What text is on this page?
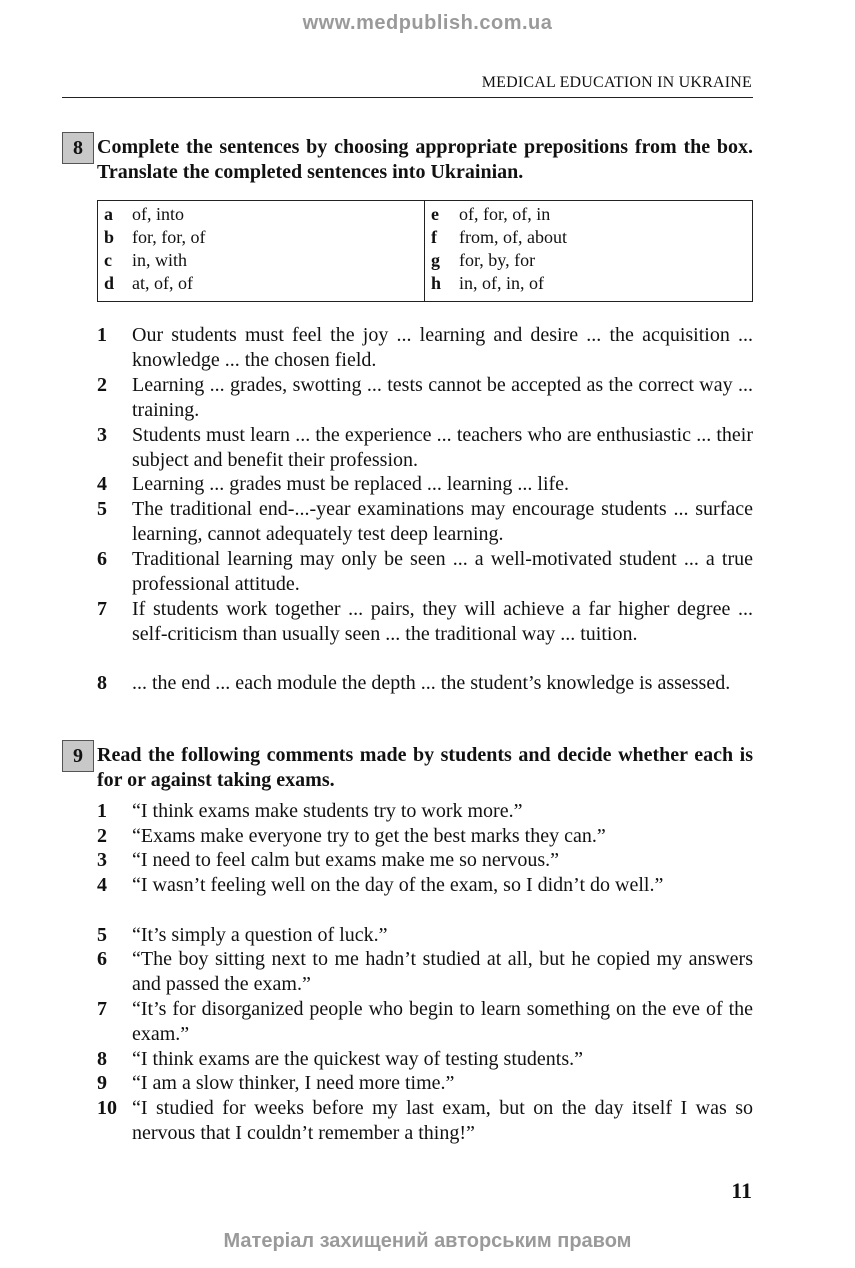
www.medpublish.com.ua
MEDICAL EDUCATION IN UKRAINE
8 Complete the sentences by choosing appropriate prepositions from the box. Translate the completed sentences into Ukrainian.
a of, into
b for, for, of
c in, with
d at, of, of
e of, for, of, in
f from, of, about
g for, by, for
h in, of, in, of
1	Our students must feel the joy ... learning and desire ... the acquisition ... knowledge ... the chosen field.
2	Learning ... grades, swotting ... tests cannot be accepted as the correct way ... training.
3	Students must learn ... the experience ... teachers who are enthusiastic ... their subject and benefit their profession.
4	Learning ... grades must be replaced ... learning ... life.
5	The traditional end-...-year examinations may encourage students ... surface learning, cannot adequately test deep learning.
6	Traditional learning may only be seen ... a well-motivated student ... a true professional attitude.
7	If students work together ... pairs, they will achieve a far higher degree ... self-criticism than usually seen ... the traditional way ... tuition.
8	... the end ... each module the depth ... the student’s knowledge is assessed.
9 Read the following comments made by students and decide whether each is for or against taking exams.
1	“I think exams make students try to work more.”
2	“Exams make everyone try to get the best marks they can.”
3	“I need to feel calm but exams make me so nervous.”
4	“I wasn’t feeling well on the day of the exam, so I didn’t do well.”
5	“It’s simply a question of luck.”
6	“The boy sitting next to me hadn’t studied at all, but he copied my answers and passed the exam.”
7	“It’s for disorganized people who begin to learn something on the eve of the exam.”
8	“I think exams are the quickest way of testing students.”
9	“I am a slow thinker, I need more time.”
10 “I studied for weeks before my last exam, but on the day itself I was so nervous that I couldn’t remember a thing!”
11
Матеріал захищений авторським правом
